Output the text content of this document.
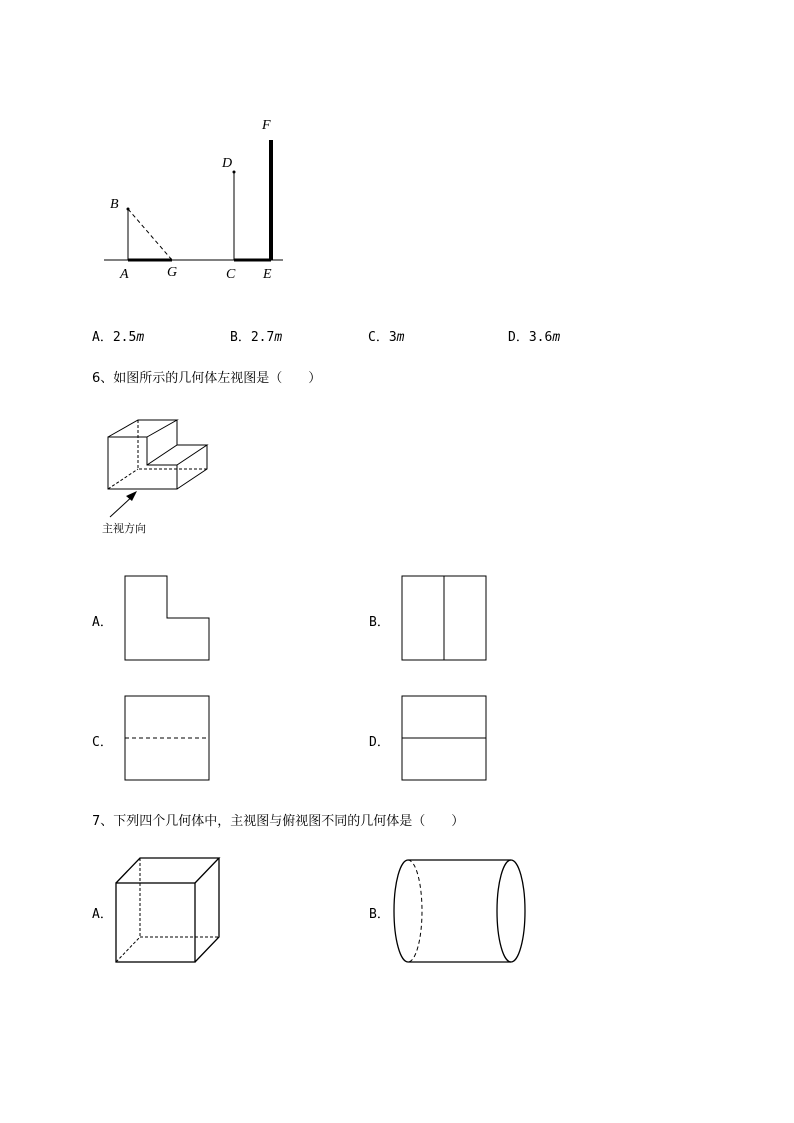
F
D
B
A	G	C E
A．2.5m	B．2.7m	C．3m	D．3.6m
6、如图所示的几何体左视图是（　　）
主视方向
A．	B．
C．	D．
7、下列四个几何体中，主视图与俯视图不同的几何体是（　　）
A．	B．
